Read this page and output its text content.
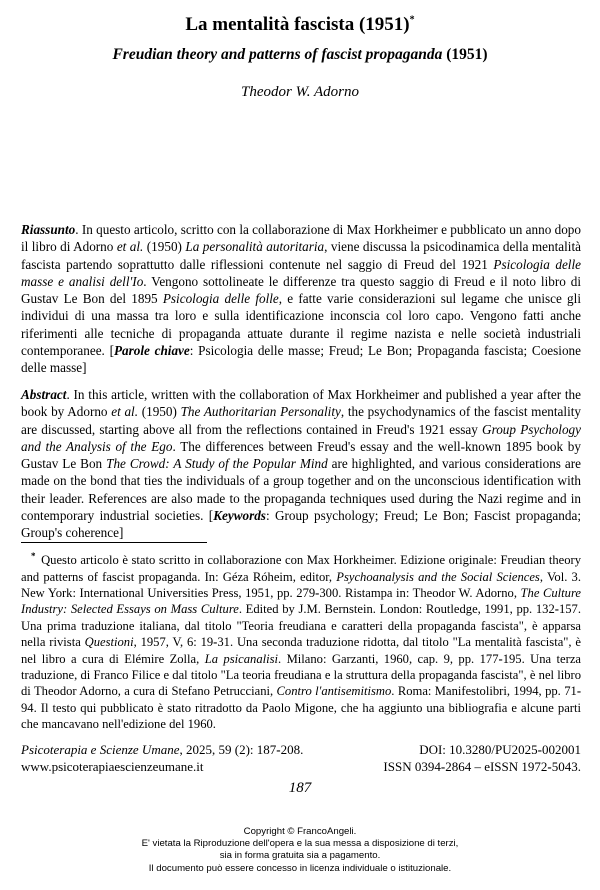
La mentalità fascista (1951)*
Freudian theory and patterns of fascist propaganda (1951)
Theodor W. Adorno
Riassunto. In questo articolo, scritto con la collaborazione di Max Horkheimer e pubblicato un anno dopo il libro di Adorno et al. (1950) La personalità autoritaria, viene discussa la psicodinamica della mentalità fascista partendo soprattutto dalle riflessioni contenute nel saggio di Freud del 1921 Psicologia delle masse e analisi dell'Io. Vengono sottolineate le differenze tra questo saggio di Freud e il noto libro di Gustav Le Bon del 1895 Psicologia delle folle, e fatte varie considerazioni sul legame che unisce gli individui di una massa tra loro e sulla identificazione inconscia col loro capo. Vengono fatti anche riferimenti alle tecniche di propaganda attuate durante il regime nazista e nelle società industriali contemporanee. [Parole chiave: Psicologia delle masse; Freud; Le Bon; Propaganda fascista; Coesione delle masse]
Abstract. In this article, written with the collaboration of Max Horkheimer and published a year after the book by Adorno et al. (1950) The Authoritarian Personality, the psychodynamics of the fascist mentality are discussed, starting above all from the reflections contained in Freud's 1921 essay Group Psychology and the Analysis of the Ego. The differences between Freud's essay and the well-known 1895 book by Gustav Le Bon The Crowd: A Study of the Popular Mind are highlighted, and various considerations are made on the bond that ties the individuals of a group together and on the unconscious identification with their leader. References are also made to the propaganda techniques used during the Nazi regime and in contemporary industrial societies. [Keywords: Group psychology; Freud; Le Bon; Fascist propaganda; Group's coherence]
* Questo articolo è stato scritto in collaborazione con Max Horkheimer. Edizione originale: Freudian theory and patterns of fascist propaganda. In: Géza Róheim, editor, Psychoanalysis and the Social Sciences, Vol. 3. New York: International Universities Press, 1951, pp. 279-300. Ristampa in: Theodor W. Adorno, The Culture Industry: Selected Essays on Mass Culture. Edited by J.M. Bernstein. London: Routledge, 1991, pp. 132-157. Una prima traduzione italiana, dal titolo "Teoria freudiana e caratteri della propaganda fascista", è apparsa nella rivista Questioni, 1957, V, 6: 19-31. Una seconda traduzione ridotta, dal titolo "La mentalità fascista", è nel libro a cura di Elémire Zolla, La psicanalisi. Milano: Garzanti, 1960, cap. 9, pp. 177-195. Una terza traduzione, di Franco Filice e dal titolo "La teoria freudiana e la struttura della propaganda fascista", è nel libro di Theodor Adorno, a cura di Stefano Petrucciani, Contro l'antisemitismo. Roma: Manifestolibri, 1994, pp. 71-94. Il testo qui pubblicato è stato ritradotto da Paolo Migone, che ha aggiunto una bibliografia e alcune parti che mancavano nell'edizione del 1960.
Psicoterapia e Scienze Umane, 2025, 59 (2): 187-208.	DOI: 10.3280/PU2025-002001
www.psicoterapiaescienzeumane.it	ISSN 0394-2864 – eISSN 1972-5043.
187
Copyright © FrancoAngeli.
E' vietata la Riproduzione dell'opera e la sua messa a disposizione di terzi,
sia in forma gratuita sia a pagamento.
Il documento può essere concesso in licenza individuale o istituzionale.
